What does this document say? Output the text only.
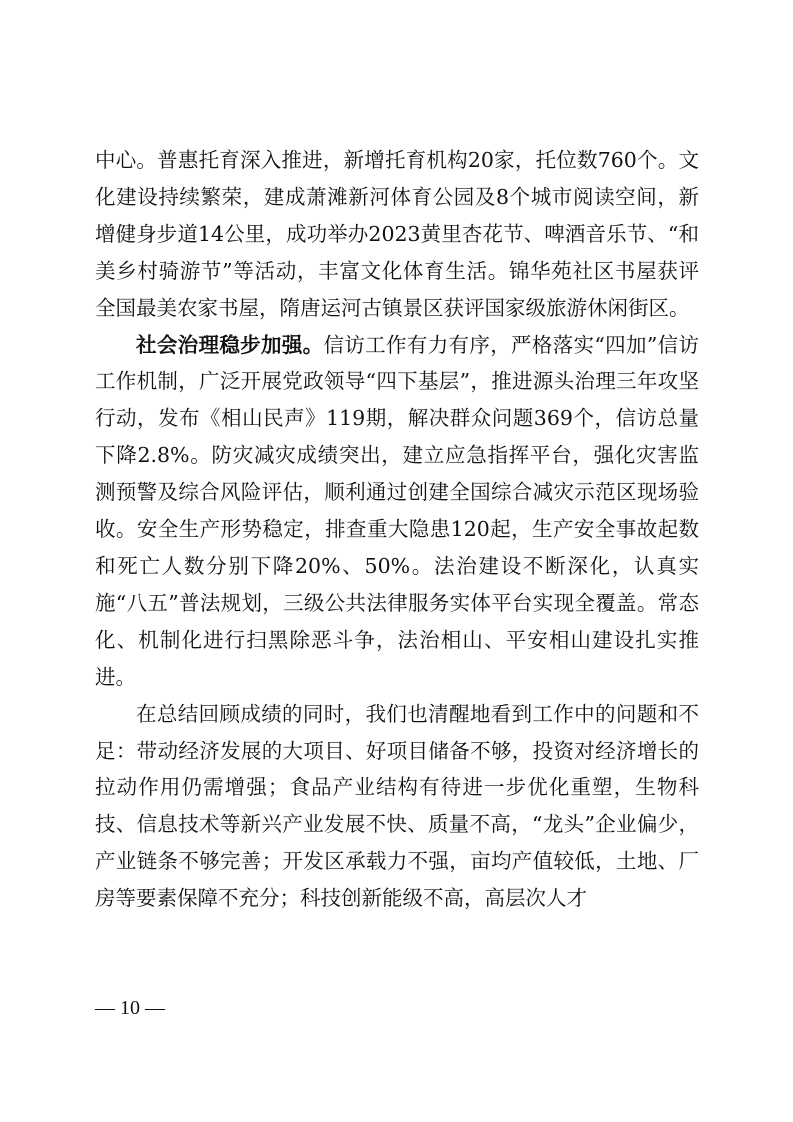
中心。普惠托育深入推进，新增托育机构20家，托位数760个。文化建设持续繁荣，建成萧滩新河体育公园及8个城市阅读空间，新增健身步道14公里，成功举办2023黄里杏花节、啤酒音乐节、“和美乡村骑游节”等活动，丰富文化体育生活。锦华苑社区书屋获评全国最美农家书屋，隋唐运河古镇景区获评国家级旅游休闲街区。

社会治理稳步加强。信访工作有力有序，严格落实“四加”信访工作机制，广泛开展党政领导“四下基层”，推进源头治理三年攻坚行动，发布《相山民声》119期，解决群众问题369个，信访总量下降2.8%。防灾减灾成绩突出，建立应急指挥平台，强化灾害监测预警及综合风险评估，顺利通过创建全国综合减灾示范区现场验收。安全生产形势稳定，排查重大隐患120起，生产安全事故起数和死亡人数分别下降20%、50%。法治建设不断深化，认真实施“八五”普法规划，三级公共法律服务实体平台实现全覆盖。常态化、机制化进行扫黑除恶斗争，法治相山、平安相山建设扎实推进。

在总结回顾成绩的同时，我们也清醒地看到工作中的问题和不足：带动经济发展的大项目、好项目储备不够，投资对经济增长的拉动作用仍需增强；食品产业结构有待进一步优化重塑，生物科技、信息技术等新兴产业发展不快、质量不高，“龙头”企业偏少，产业链条不够完善；开发区承载力不强，亩均产值较低，土地、厂房等要素保障不充分；科技创新能级不高，高层次人才

— 10 —
